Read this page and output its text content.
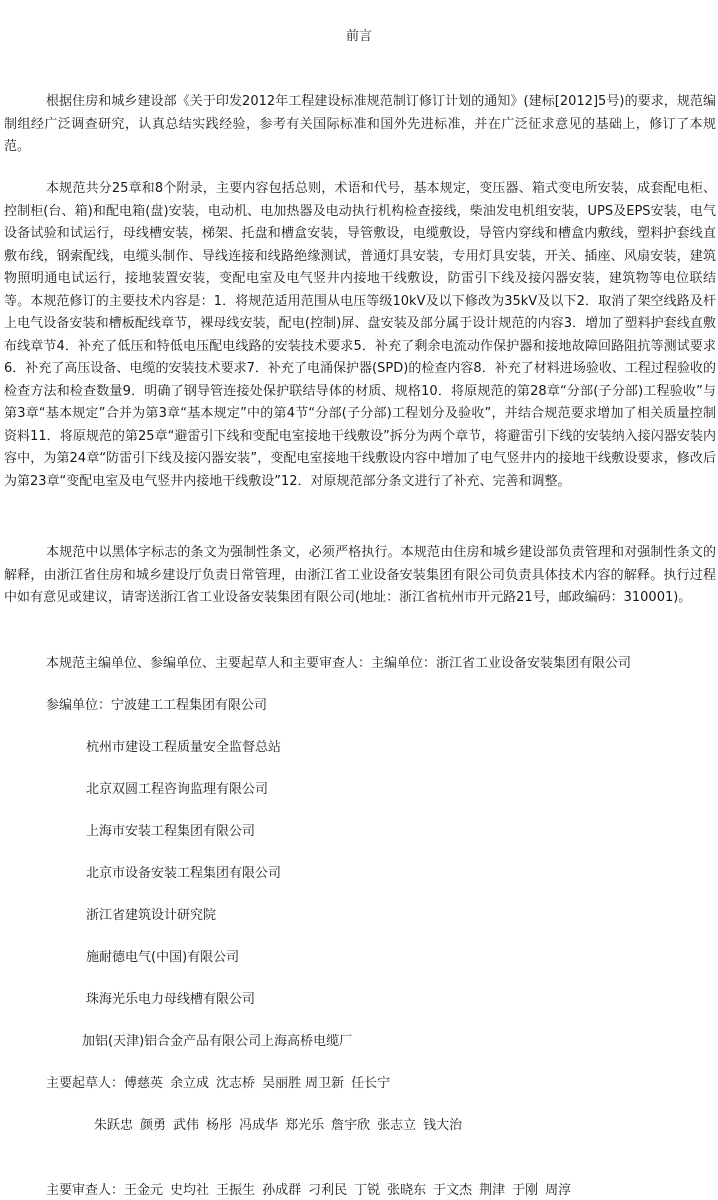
前言

根据住房和城乡建设部《关于印发2012年工程建设标准规范制订修订计划的通知》(建标[2012]5号)的要求，规范编制组经广泛调查研究，认真总结实践经验，参考有关国际标准和国外先进标准，并在广泛征求意见的基础上，修订了本规范。

本规范共分25章和8个附录，主要内容包括总则，术语和代号，基本规定，变压器、箱式变电所安装，成套配电柜、控制柜(台、箱)和配电箱(盘)安装，电动机、电加热器及电动执行机构检查接线，柴油发电机组安装，UPS及EPS安装，电气设备试验和试运行，母线槽安装，梯架、托盘和槽盒安装，导管敷设，电缆敷设，导管内穿线和槽盒内敷线，塑料护套线直敷布线，钢索配线，电缆头制作、导线连接和线路绝缘测试，普通灯具安装，专用灯具安装，开关、插座、风扇安装，建筑物照明通电试运行，接地装置安装，变配电室及电气竖井内接地干线敷设，防雷引下线及接闪器安装，建筑物等电位联结等。本规范修订的主要技术内容是：1．将规范适用范围从电压等级10kV及以下修改为35kV及以下2．取消了架空线路及杆上电气设备安装和槽板配线章节，裸母线安装，配电(控制)屏、盘安装及部分属于设计规范的内容3．增加了塑料护套线直敷布线章节4．补充了低压和特低电压配电线路的安装技术要求5．补充了剩余电流动作保护器和接地故障回路阻抗等测试要求6．补充了高压设备、电缆的安装技术要求7．补充了电涌保护器(SPD)的检查内容8．补充了材料进场验收、工程过程验收的检查方法和检查数量9．明确了钢导管连接处保护联结导体的材质、规格10．将原规范的第28章“分部(子分部)工程验收”与第3章“基本规定”合并为第3章“基本规定”中的第4节“分部(子分部)工程划分及验收”，并结合规范要求增加了相关质量控制资料11．将原规范的第25章“避雷引下线和变配电室接地干线敷设”拆分为两个章节，将避雷引下线的安装纳入接闪器安装内容中，为第24章“防雷引下线及接闪器安装”，变配电室接地干线敷设内容中增加了电气竖井内的接地干线敷设要求，修改后为第23章“变配电室及电气竖井内接地干线敷设”12．对原规范部分条文进行了补充、完善和调整。

本规范中以黑体字标志的条文为强制性条文，必须严格执行。本规范由住房和城乡建设部负责管理和对强制性条文的解释，由浙江省住房和城乡建设厅负责日常管理，由浙江省工业设备安装集团有限公司负责具体技术内容的解释。执行过程中如有意见或建议，请寄送浙江省工业设备安装集团有限公司(地址：浙江省杭州市开元路21号，邮政编码：310001)。

本规范主编单位、参编单位、主要起草人和主要审查人：主编单位：浙江省工业设备安装集团有限公司
参编单位：宁波建工工程集团有限公司
杭州市建设工程质量安全监督总站
北京双圆工程咨询监理有限公司
上海市安装工程集团有限公司
北京市设备安装工程集团有限公司
浙江省建筑设计研究院
施耐德电气(中国)有限公司
珠海光乐电力母线槽有限公司
加铝(天津)铝合金产品有限公司上海高桥电缆厂
主要起草人：傅慈英 余立成 沈志桥 吴丽胜 周卫新 任长宁
朱跃忠 颜勇 武伟 杨彤 冯成华 郑光乐 詹宇欣 张志立 钱大治
主要审查人：王金元 史均社 王振生 孙成群 刁利民 丁锐 张晓东 于文杰 荆津 于刚 周淳
